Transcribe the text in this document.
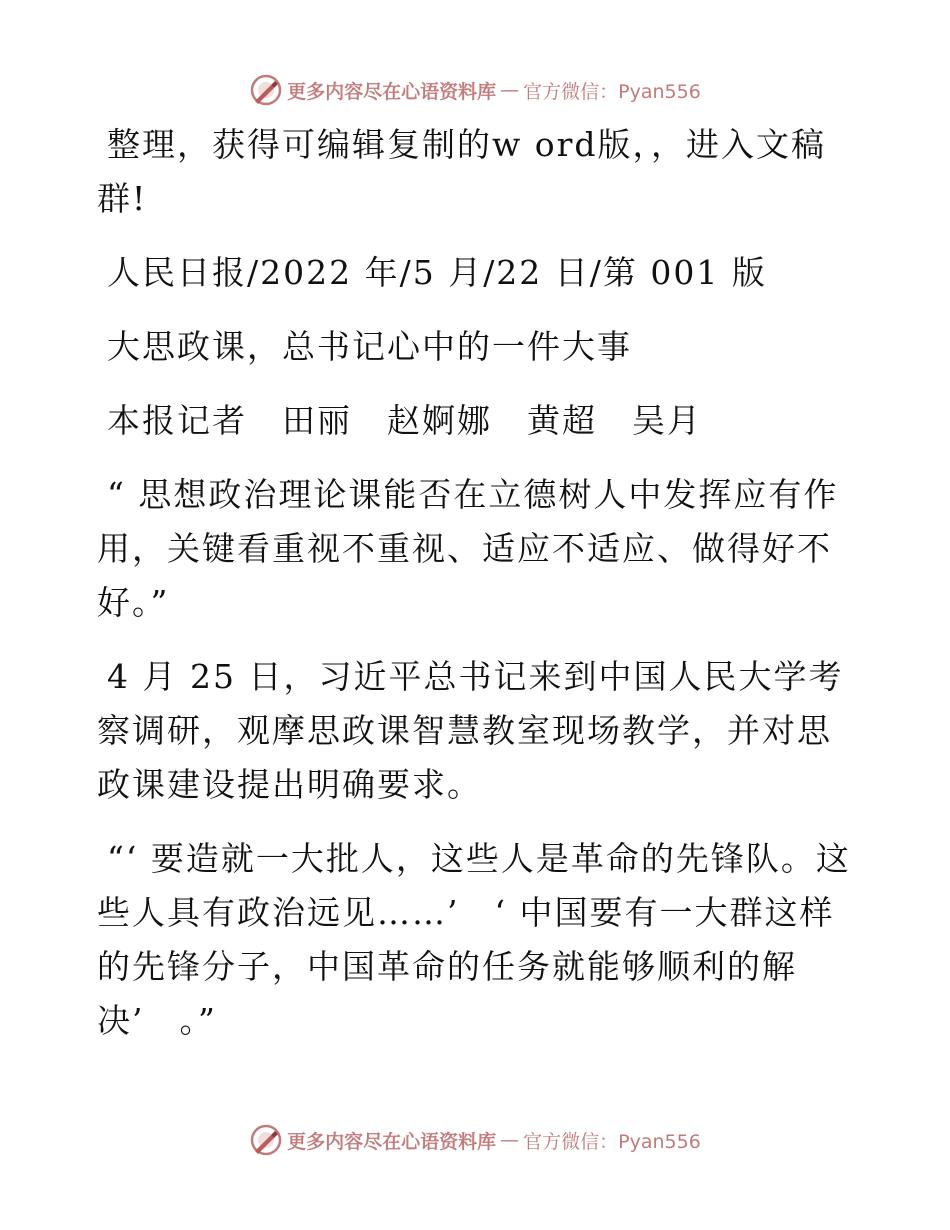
更多内容尽在心语资料库 — 官方微信：Pyan556

整理，获得可编辑复制的w ord版，，进入文稿群!

人民日报/2022 年/5 月/22 日/第 001 版

大思政课，总书记心中的一件大事

本报记者　田丽　赵婀娜　黄超　吴月

“ 思想政治理论课能否在立德树人中发挥应有作用，关键看重视不重视、适应不适应、做得好不好。”

4 月 25 日，习近平总书记来到中国人民大学考察调研，观摩思政课智慧教室现场教学，并对思政课建设提出明确要求。

“‘ 要造就一大批人，这些人是革命的先锋队。这些人具有政治远见……’　‘ 中国要有一大群这样的先锋分子，中国革命的任务就能够顺利的解决’　。”

更多内容尽在心语资料库 — 官方微信：Pyan556
